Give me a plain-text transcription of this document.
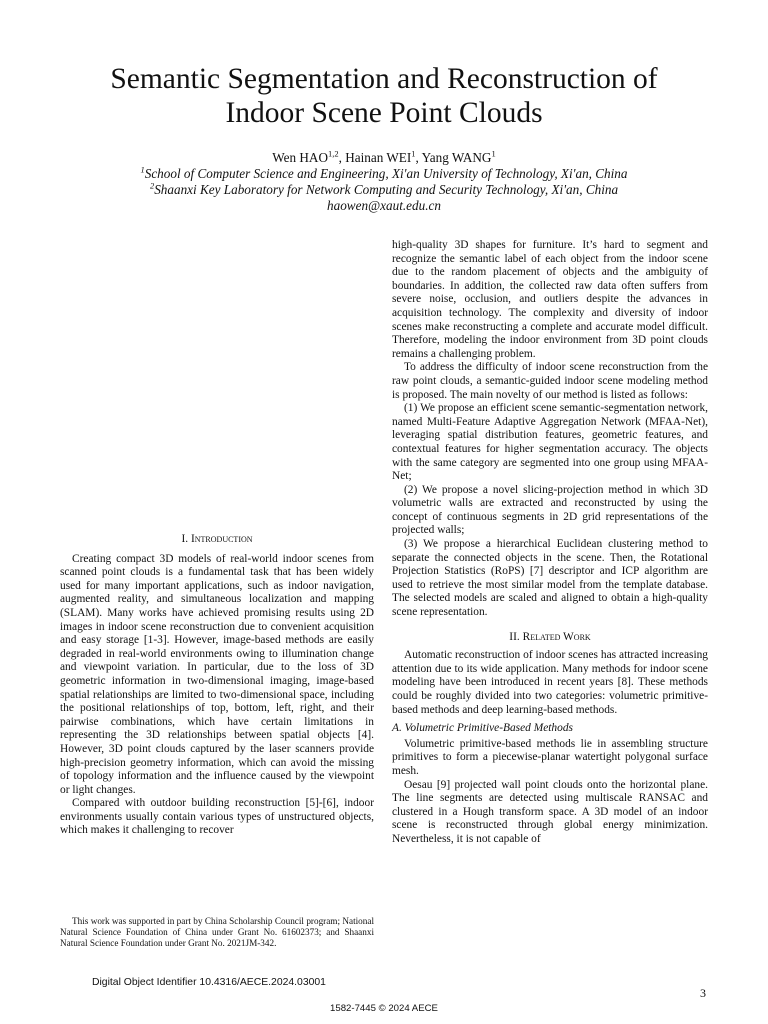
Semantic Segmentation and Reconstruction of
Indoor Scene Point Clouds
Wen HAO$^{1,2}$, Hainan WEI$^1$, Yang WANG$^1$
$^1$School of Computer Science and Engineering, Xi'an University of Technology, Xi'an, China
$^2$Shaanxi Key Laboratory for Network Computing and Security Technology, Xi'an, China
haowen@xaut.edu.cn

I. Introduction

Creating compact 3D models of real-world indoor scenes from scanned point clouds is a fundamental task that has been widely used for many important applications, such as indoor navigation, augmented reality, and simultaneous localization and mapping (SLAM). Many works have achieved promising results using 2D images in indoor scene reconstruction due to convenient acquisition and easy storage [1-3]. However, image-based methods are easily degraded in real-world environments owing to illumination change and viewpoint variation. In particular, due to the loss of 3D geometric information in two-dimensional imaging, image-based spatial relationships are limited to two-dimensional space, including the positional relationships of top, bottom, left, right, and their pairwise combinations, which have certain limitations in representing the 3D relationships between spatial objects [4]. However, 3D point clouds captured by the laser scanners provide high-precision geometry information, which can avoid the missing of topology information and the influence caused by the viewpoint or light changes.

Compared with outdoor building reconstruction [5]-[6], indoor environments usually contain various types of unstructured objects, which makes it challenging to recover

high-quality 3D shapes for furniture. It’s hard to segment and recognize the semantic label of each object from the indoor scene due to the random placement of objects and the ambiguity of boundaries. In addition, the collected raw data often suffers from severe noise, occlusion, and outliers despite the advances in acquisition technology. The complexity and diversity of indoor scenes make reconstructing a complete and accurate model difficult. Therefore, modeling the indoor environment from 3D point clouds remains a challenging problem.

To address the difficulty of indoor scene reconstruction from the raw point clouds, a semantic-guided indoor scene modeling method is proposed. The main novelty of our method is listed as follows:

(1) We propose an efficient scene semantic-segmentation network, named Multi-Feature Adaptive Aggregation Network (MFAA-Net), leveraging spatial distribution features, geometric features, and contextual features for higher segmentation accuracy. The objects with the same category are segmented into one group using MFAA-Net;

(2) We propose a novel slicing-projection method in which 3D volumetric walls are extracted and reconstructed by using the concept of continuous segments in 2D grid representations of the projected walls;

(3) We propose a hierarchical Euclidean clustering method to separate the connected objects in the scene. Then, the Rotational Projection Statistics (RoPS) [7] descriptor and ICP algorithm are used to retrieve the most similar model from the template database. The selected models are scaled and aligned to obtain a high-quality scene representation.

II. Related Work

Automatic reconstruction of indoor scenes has attracted increasing attention due to its wide application. Many methods for indoor scene modeling have been introduced in recent years [8]. These methods could be roughly divided into two categories: volumetric primitive-based methods and deep learning-based methods.

A. Volumetric Primitive-Based Methods

Volumetric primitive-based methods lie in assembling structure primitives to form a piecewise-planar watertight polygonal surface mesh.

Oesau [9] projected wall point clouds onto the horizontal plane. The line segments are detected using multiscale RANSAC and clustered in a Hough transform space. A 3D model of an indoor scene is reconstructed through global energy minimization. Nevertheless, it is not capable of

This work was supported in part by China Scholarship Council program; National Natural Science Foundation of China under Grant No. 61602373; and Shaanxi Natural Science Foundation under Grant No. 2021JM-342.
Digital Object Identifier 10.4316/AECE.2024.03001
3
1582-7445 © 2024 AECE
